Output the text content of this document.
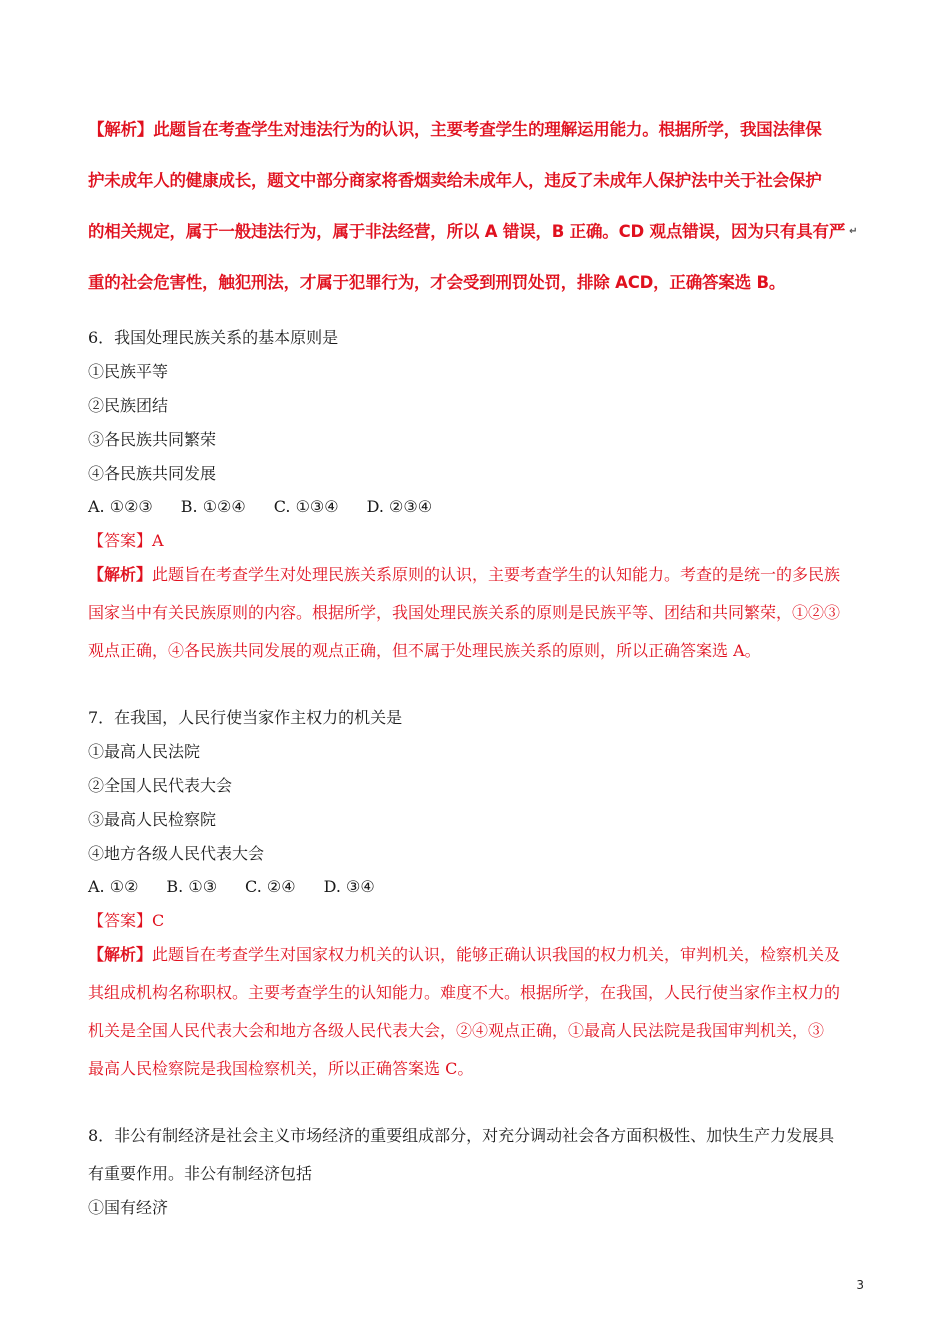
【解析】此题旨在考查学生对违法行为的认识，主要考查学生的理解运用能力。根据所学，我国法律保
护未成年人的健康成长，题文中部分商家将香烟卖给未成年人，违反了未成年人保护法中关于社会保护
的相关规定，属于一般违法行为，属于非法经营，所以 A 错误，B 正确。CD 观点错误，因为只有具有严 ↵
重的社会危害性，触犯刑法，才属于犯罪行为，才会受到刑罚处罚，排除 ACD，正确答案选 B。
6．我国处理民族关系的基本原则是
①民族平等
②民族团结
③各民族共同繁荣
④各民族共同发展
A. ①②③ B. ①②④ C. ①③④ D. ②③④
【答案】A
【解析】此题旨在考查学生对处理民族关系原则的认识，主要考查学生的认知能力。考查的是统一的多民族
国家当中有关民族原则的内容。根据所学，我国处理民族关系的原则是民族平等、团结和共同繁荣，①②③
观点正确，④各民族共同发展的观点正确，但不属于处理民族关系的原则，所以正确答案选 A。
7．在我国，人民行使当家作主权力的机关是
①最高人民法院
②全国人民代表大会
③最高人民检察院
④地方各级人民代表大会
A. ①② B. ①③ C. ②④ D. ③④
【答案】C
【解析】此题旨在考查学生对国家权力机关的认识，能够正确认识我国的权力机关，审判机关，检察机关及
其组成机构名称职权。主要考查学生的认知能力。难度不大。根据所学，在我国，人民行使当家作主权力的
机关是全国人民代表大会和地方各级人民代表大会，②④观点正确，①最高人民法院是我国审判机关，③
最高人民检察院是我国检察机关，所以正确答案选 C。
8．非公有制经济是社会主义市场经济的重要组成部分，对充分调动社会各方面积极性、加快生产力发展具
有重要作用。非公有制经济包括
①国有经济
3
